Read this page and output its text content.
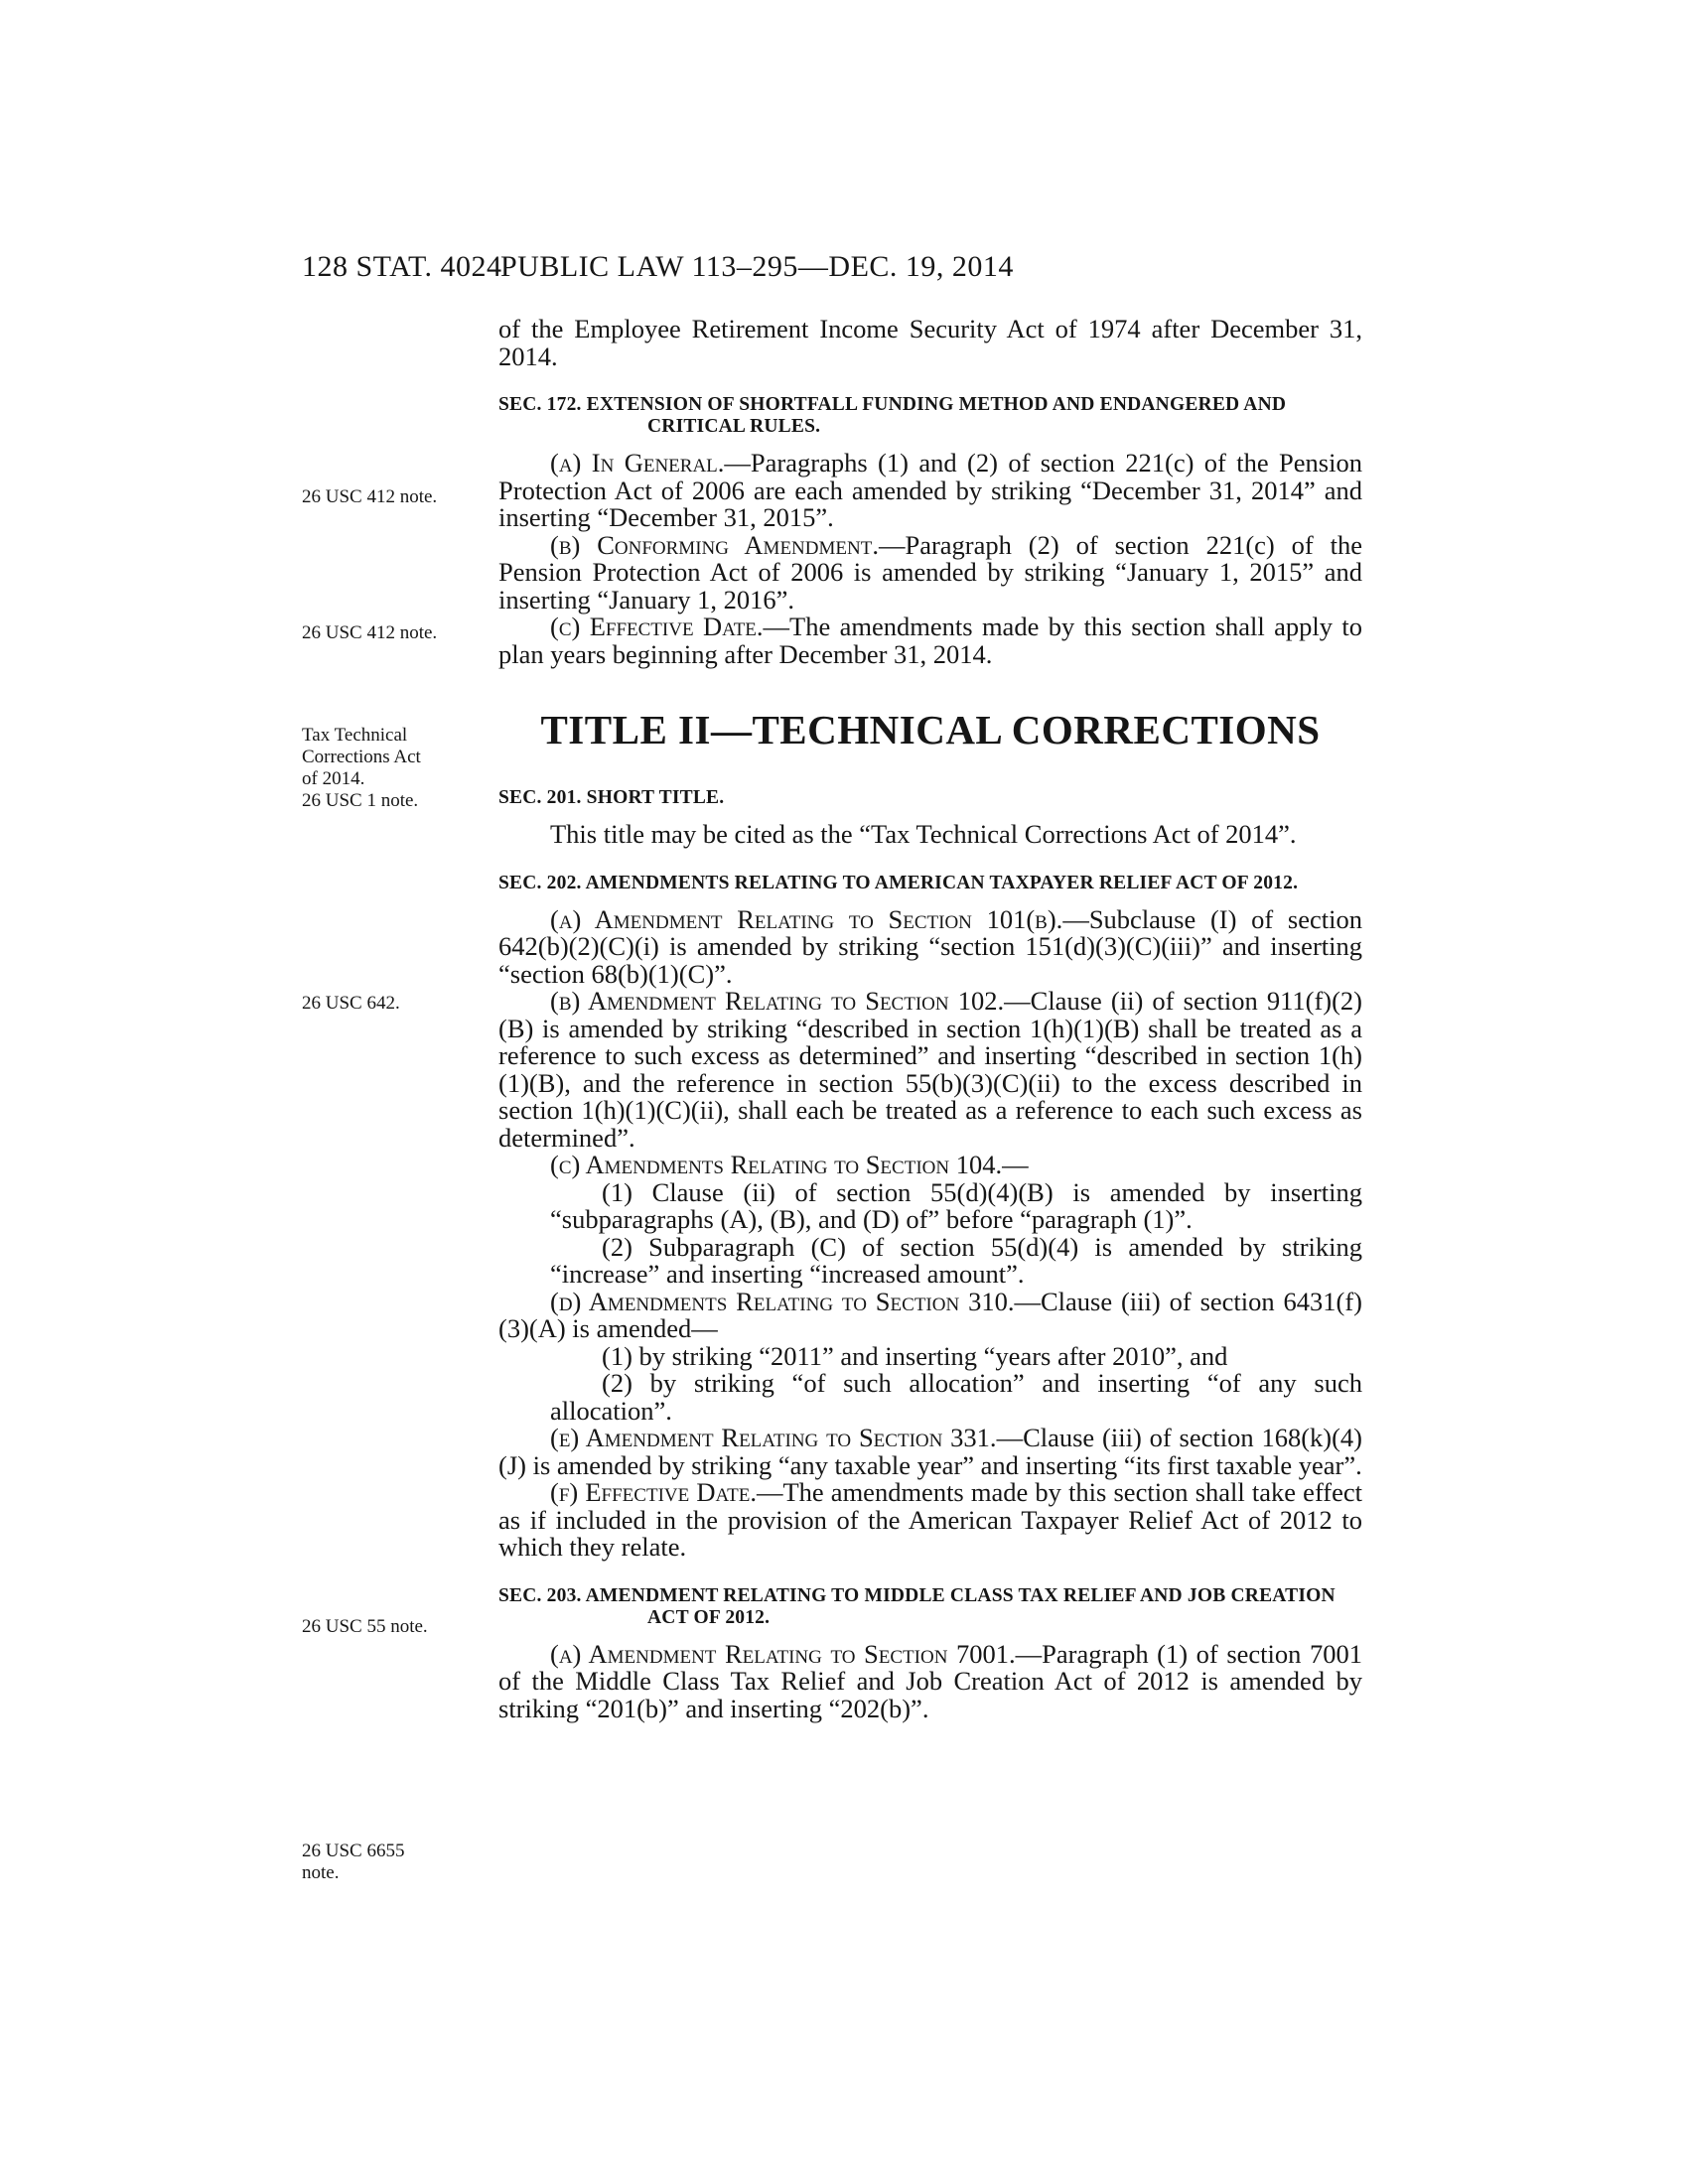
128 STAT. 4024
PUBLIC LAW 113–295—DEC. 19, 2014
26 USC 412 note.
26 USC 412 note.
Tax Technical
Corrections Act
of 2014.
26 USC 1 note.
26 USC 642.
26 USC 55 note.
26 USC 6655
note.

of the Employee Retirement Income Security Act of 1974 after December 31, 2014.

SEC. 172. EXTENSION OF SHORTFALL FUNDING METHOD AND ENDANGERED AND CRITICAL RULES.

(a) In General.—Paragraphs (1) and (2) of section 221(c) of the Pension Protection Act of 2006 are each amended by striking “December 31, 2014” and inserting “December 31, 2015”.

(b) Conforming Amendment.—Paragraph (2) of section 221(c) of the Pension Protection Act of 2006 is amended by striking “January 1, 2015” and inserting “January 1, 2016”.

(c) Effective Date.—The amendments made by this section shall apply to plan years beginning after December 31, 2014.

TITLE II—TECHNICAL CORRECTIONS

SEC. 201. SHORT TITLE.

This title may be cited as the “Tax Technical Corrections Act of 2014”.

SEC. 202. AMENDMENTS RELATING TO AMERICAN TAXPAYER RELIEF ACT OF 2012.

(a) Amendment Relating to Section 101(b).—Subclause (I) of section 642(b)(2)(C)(i) is amended by striking “section 151(d)(3)(C)(iii)” and inserting “section 68(b)(1)(C)”.

(b) Amendment Relating to Section 102.—Clause (ii) of section 911(f)(2)(B) is amended by striking “described in section 1(h)(1)(B) shall be treated as a reference to such excess as determined” and inserting “described in section 1(h)(1)(B), and the reference in section 55(b)(3)(C)(ii) to the excess described in section 1(h)(1)(C)(ii), shall each be treated as a reference to each such excess as determined”.

(c) Amendments Relating to Section 104.—

(1) Clause (ii) of section 55(d)(4)(B) is amended by inserting “subparagraphs (A), (B), and (D) of” before “paragraph (1)”.

(2) Subparagraph (C) of section 55(d)(4) is amended by striking “increase” and inserting “increased amount”.

(d) Amendments Relating to Section 310.—Clause (iii) of section 6431(f)(3)(A) is amended—

(1) by striking “2011” and inserting “years after 2010”, and

(2) by striking “of such allocation” and inserting “of any such allocation”.

(e) Amendment Relating to Section 331.—Clause (iii) of section 168(k)(4)(J) is amended by striking “any taxable year” and inserting “its first taxable year”.

(f) Effective Date.—The amendments made by this section shall take effect as if included in the provision of the American Taxpayer Relief Act of 2012 to which they relate.

SEC. 203. AMENDMENT RELATING TO MIDDLE CLASS TAX RELIEF AND JOB CREATION ACT OF 2012.

(a) Amendment Relating to Section 7001.—Paragraph (1) of section 7001 of the Middle Class Tax Relief and Job Creation Act of 2012 is amended by striking “201(b)” and inserting “202(b)”.
